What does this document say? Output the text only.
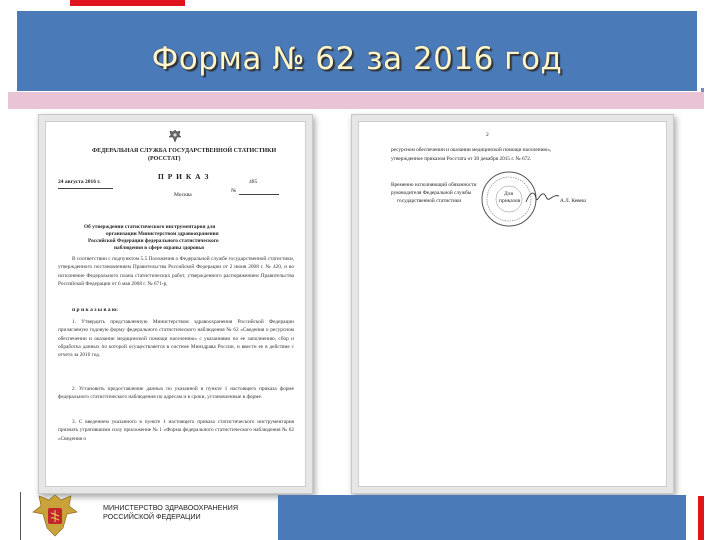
Форма № 62 за 2016 год
ФЕДЕРАЛЬНАЯ СЛУЖБА ГОСУДАРСТВЕННОЙ СТАТИСТИКИ
(РОССТАТ)
П Р И К А З
24 августа 2016 г.
№
485
Москва
Об утверждении статистического инструментария для
организации Министерством здравоохранения
Российской Федерации федерального статистического
наблюдения в сфере охраны здоровья
В соответствии с подпунктом 5.5 Положения о Федеральной службе государственной статистики, утвержденного постановлением Правительства Российской Федерации от 2 июня 2008 г. № 420, и во исполнение Федерального плана статистических работ, утвержденного распоряжением Правительства Российской Федерации от 6 мая 2008 г. № 671-р,
п р и к а з ы в а ю:
1. Утвердить представленную Министерством здравоохранения Российской Федерации прилагаемую годовую форму федерального статистического наблюдения № 62 «Сведения о ресурсном обеспечении и оказании медицинской помощи населению» с указаниями по ее заполнению, сбор и обработка данных по которой осуществляется в системе Минздрава России, и ввести ее в действие с отчета за 2016 год.
2. Установить предоставление данных по указанной в пункте 1 настоящего приказа форме федерального статистического наблюдения по адресам и в сроки, установленные в форме.
3. С введением указанного в пункте 1 настоящего приказа статистического инструментария признать утратившими силу приложение № 1 «Форма федерального статистического наблюдения № 62 «Сведения о
2
ресурсном обеспечении и оказании медицинской помощи населению»,
утвержденное приказом Росстата от 30 декабря 2015 г. № 672.
Временно исполняющий обязанности
руководителя Федеральной службы
государственной статистики
Для
приказов	А.Л. Кевеш
МИНИСТЕРСТВО ЗДРАВООХРАНЕНИЯ
РОССИЙСКОЙ ФЕДЕРАЦИИ
